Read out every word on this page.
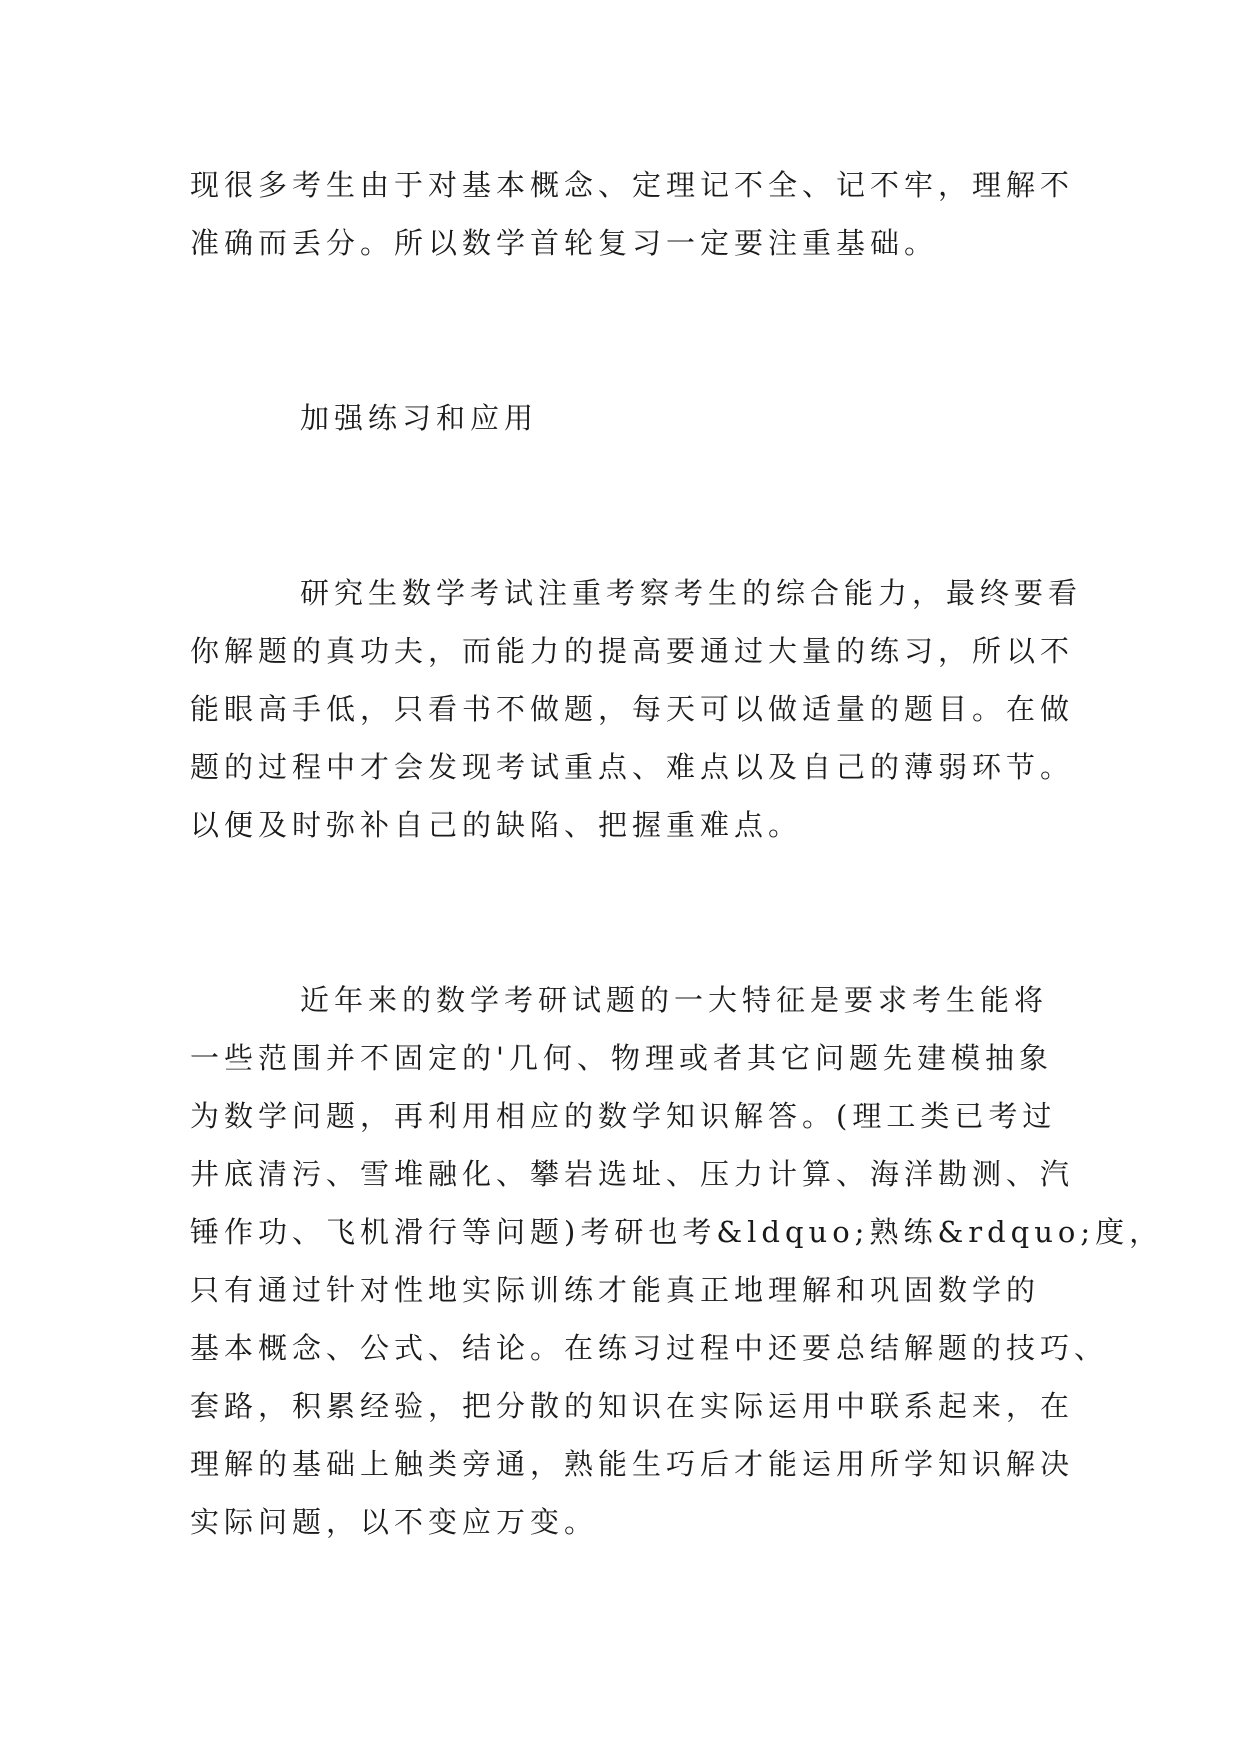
现很多考生由于对基本概念、定理记不全、记不牢，理解不
准确而丢分。所以数学首轮复习一定要注重基础。
加强练习和应用
研究生数学考试注重考察考生的综合能力，最终要看
你解题的真功夫，而能力的提高要通过大量的练习，所以不
能眼高手低，只看书不做题，每天可以做适量的题目。在做
题的过程中才会发现考试重点、难点以及自己的薄弱环节。
以便及时弥补自己的缺陷、把握重难点。
近年来的数学考研试题的一大特征是要求考生能将
一些范围并不固定的'几何、物理或者其它问题先建模抽象
为数学问题，再利用相应的数学知识解答。(理工类已考过
井底清污、雪堆融化、攀岩选址、压力计算、海洋勘测、汽
锤作功、飞机滑行等问题)考研也考&ldquo;熟练&rdquo;度，
只有通过针对性地实际训练才能真正地理解和巩固数学的
基本概念、公式、结论。在练习过程中还要总结解题的技巧、
套路，积累经验，把分散的知识在实际运用中联系起来，在
理解的基础上触类旁通，熟能生巧后才能运用所学知识解决
实际问题，以不变应万变。
